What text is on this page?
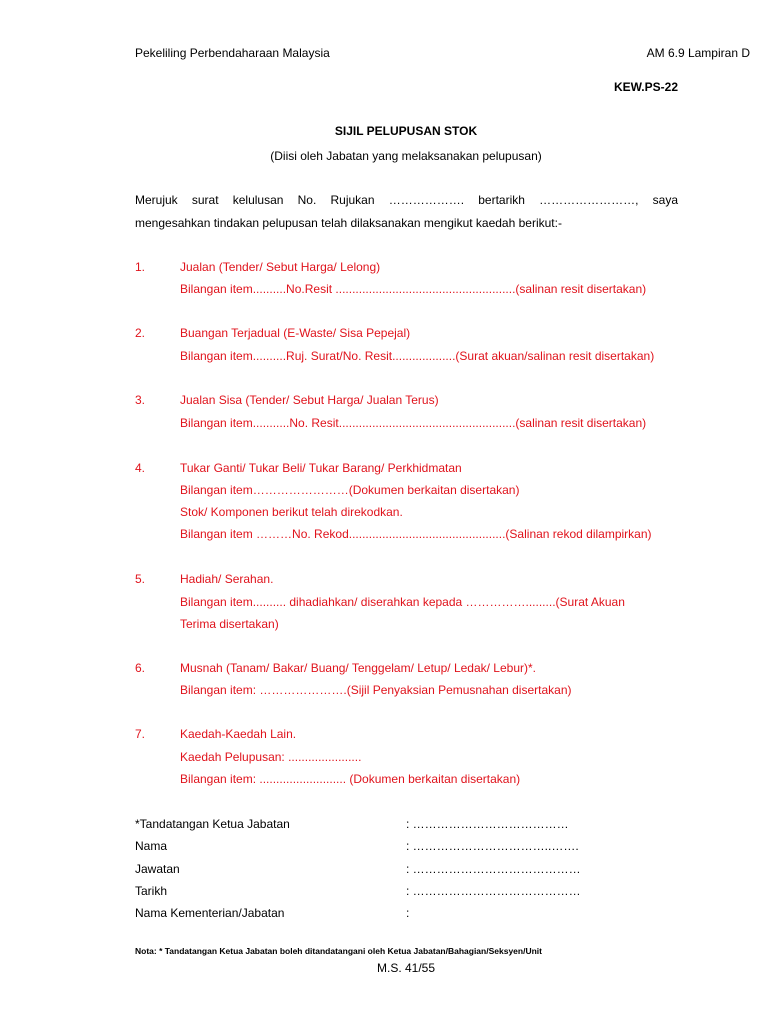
Pekeliling Perbendaharaan Malaysia	AM 6.9 Lampiran D
KEW.PS-22
SIJIL PELUPUSAN STOK
(Diisi oleh Jabatan yang melaksanakan pelupusan)
Merujuk surat kelulusan No. Rujukan ………………. bertarikh ……………………, saya
mengesahkan tindakan pelupusan telah dilaksanakan mengikut kaedah berikut:-
1.	Jualan (Tender/ Sebut Harga/ Lelong)
Bilangan item..........No.Resit ......................................................(salinan resit disertakan)
2.	Buangan Terjadual (E-Waste/ Sisa Pepejal)
Bilangan item..........Ruj. Surat/No. Resit...................(Surat akuan/salinan resit disertakan)
3.	Jualan Sisa (Tender/ Sebut Harga/ Jualan Terus)
Bilangan item...........No. Resit.....................................................(salinan resit disertakan)
4.	Tukar Ganti/ Tukar Beli/ Tukar Barang/ Perkhidmatan
Bilangan item……………………(Dokumen berkaitan disertakan)
Stok/ Komponen berikut telah direkodkan.
Bilangan item ………No. Rekod...............................................(Salinan rekod dilampirkan)
5.	Hadiah/ Serahan.
Bilangan item.......... dihadiahkan/ diserahkan kepada …………….........(Surat Akuan
Terima disertakan)
6.	Musnah (Tanam/ Bakar/ Buang/ Tenggelam/ Letup/ Ledak/ Lebur)*.
Bilangan item: ………………….(Sijil Penyaksian Pemusnahan disertakan)
7.	Kaedah-Kaedah Lain.
Kaedah Pelupusan: ......................
Bilangan item: .......................... (Dokumen berkaitan disertakan)
*Tandatangan Ketua Jabatan	: …………………………………
Nama	: ……………………………..…….
Jawatan	: ……………………………………
Tarikh	: ……………………………………
Nama Kementerian/Jabatan	:
Nota: * Tandatangan Ketua Jabatan boleh ditandatangani oleh Ketua Jabatan/Bahagian/Seksyen/Unit
M.S. 41/55
